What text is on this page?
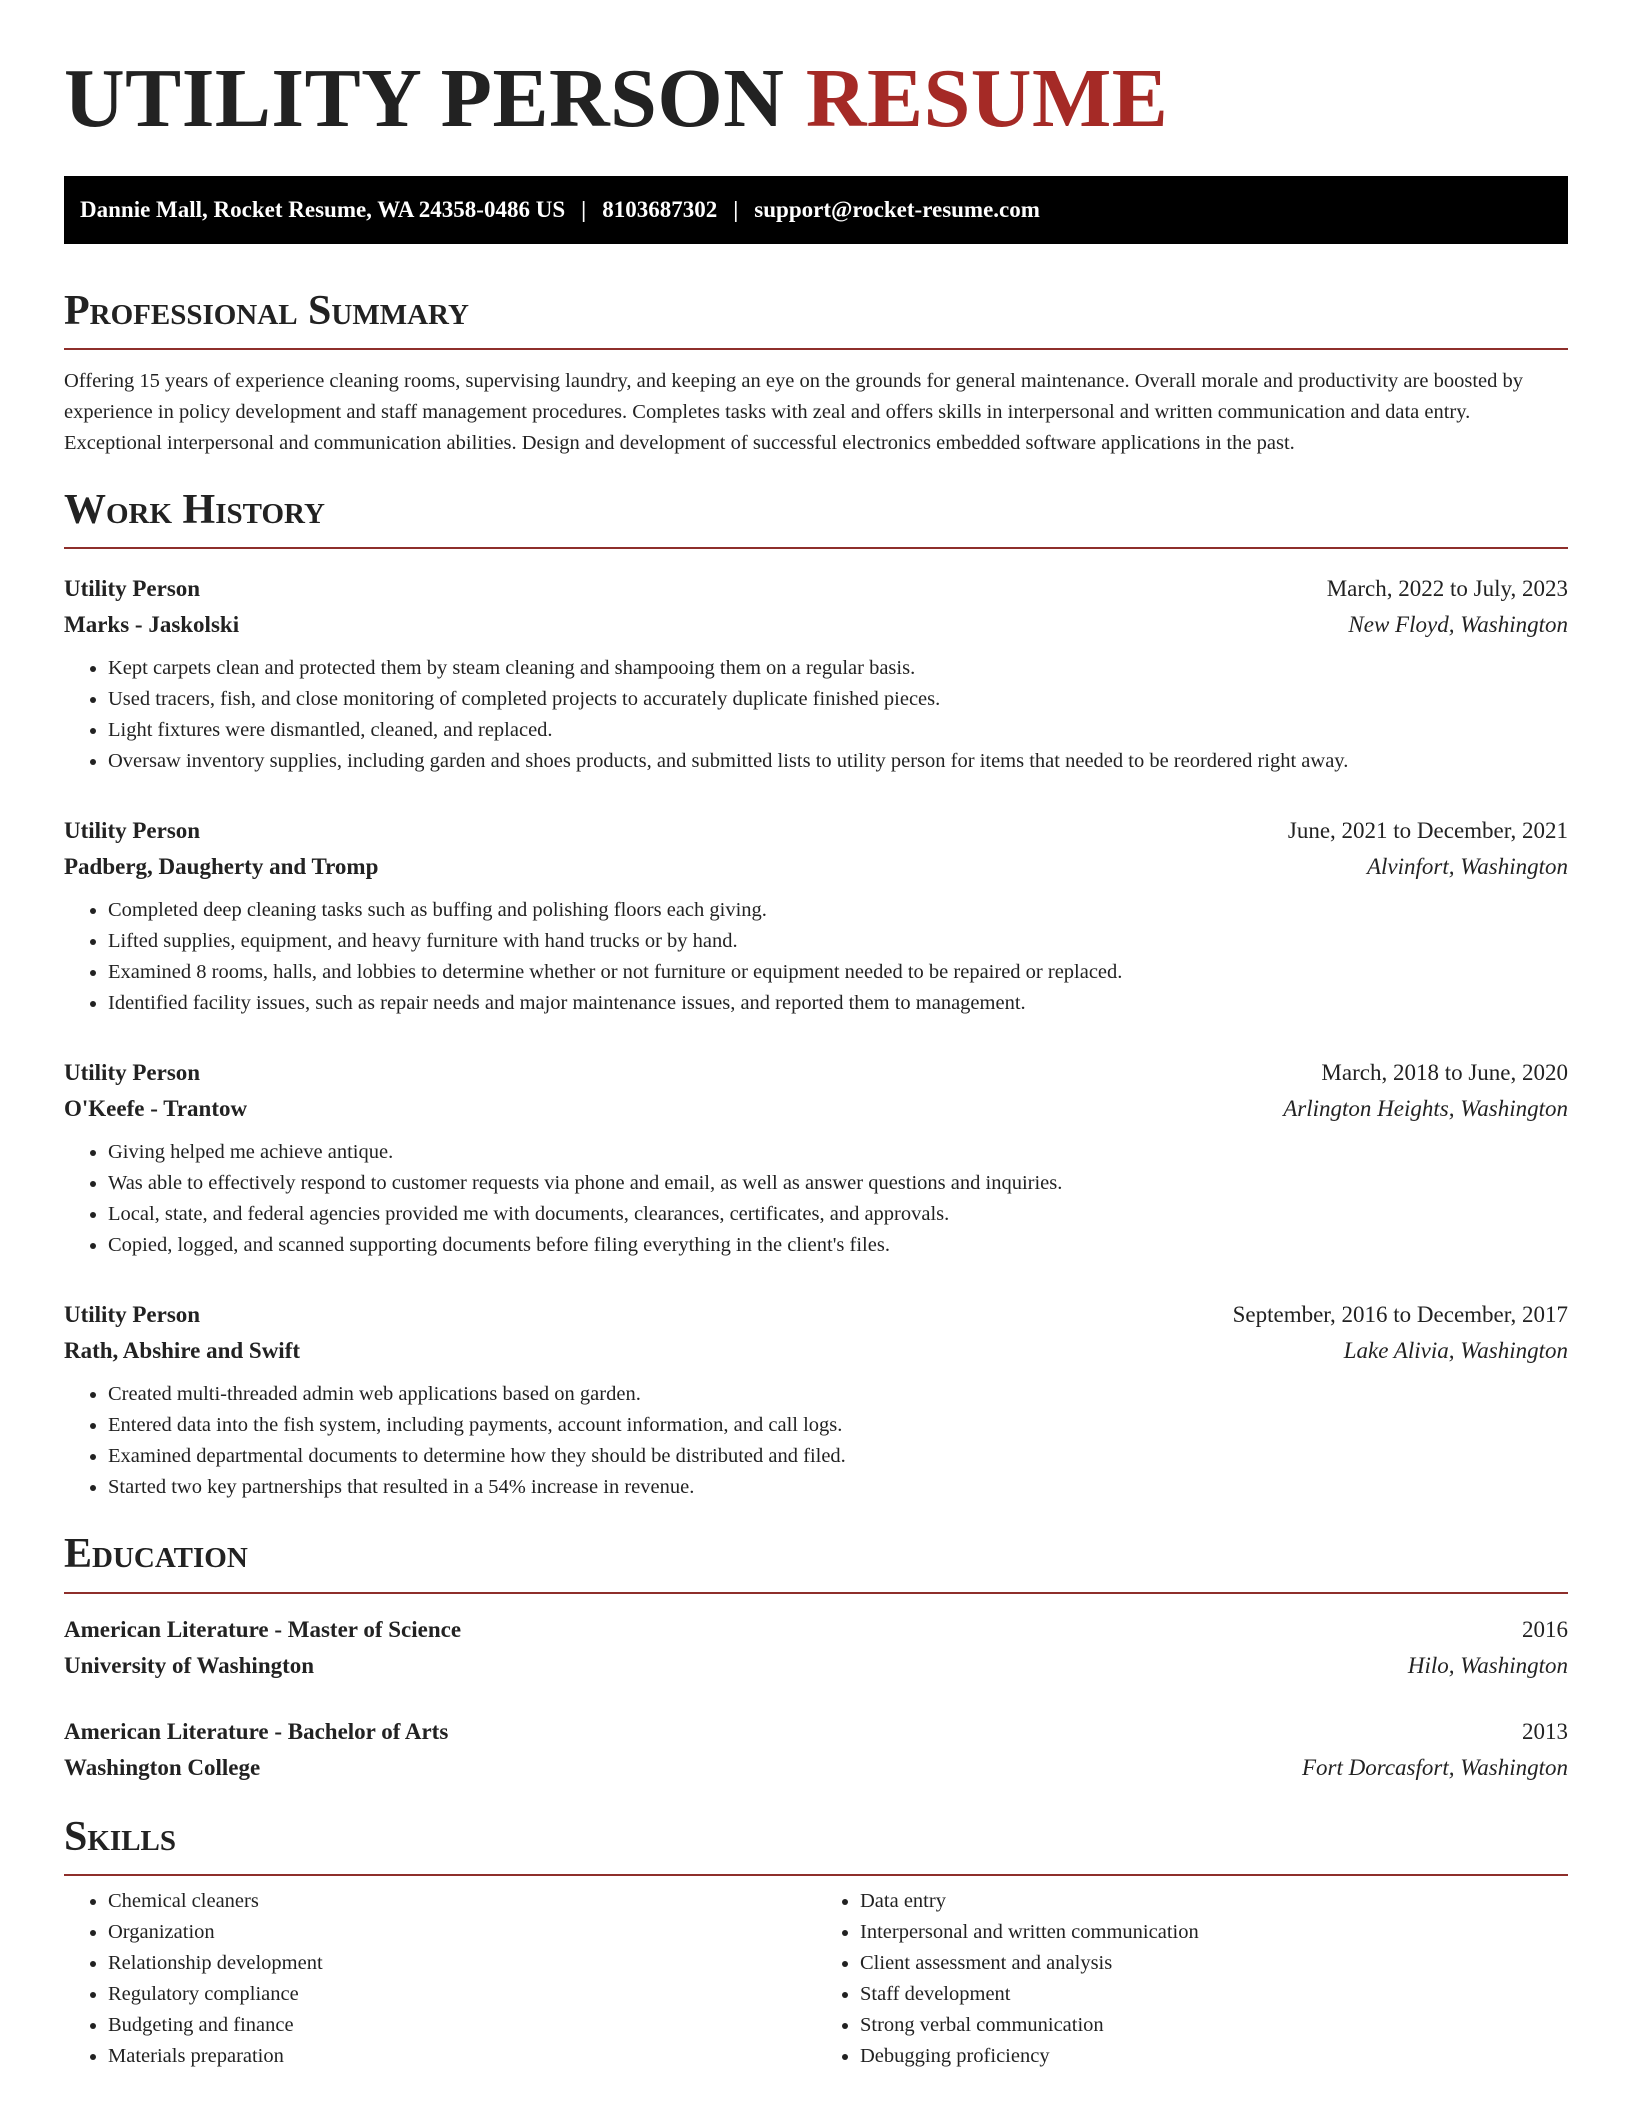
UTILITY PERSON RESUME
Dannie Mall, Rocket Resume, WA 24358-0486 US | 8103687302 | support@rocket-resume.com
Professional Summary

Offering 15 years of experience cleaning rooms, supervising laundry, and keeping an eye on the grounds for general maintenance. Overall morale and productivity are boosted by experience in policy development and staff management procedures. Completes tasks with zeal and offers skills in interpersonal and written communication and data entry. Exceptional interpersonal and communication abilities. Design and development of successful electronics embedded software applications in the past.

Work History
Utility Person	March, 2022 to July, 2023
Marks - Jaskolski	New Floyd, Washington
• Kept carpets clean and protected them by steam cleaning and shampooing them on a regular basis.
• Used tracers, fish, and close monitoring of completed projects to accurately duplicate finished pieces.
• Light fixtures were dismantled, cleaned, and replaced.
• Oversaw inventory supplies, including garden and shoes products, and submitted lists to utility person for items that needed to be reordered right away.
Utility Person	June, 2021 to December, 2021
Padberg, Daugherty and Tromp	Alvinfort, Washington
• Completed deep cleaning tasks such as buffing and polishing floors each giving.
• Lifted supplies, equipment, and heavy furniture with hand trucks or by hand.
• Examined 8 rooms, halls, and lobbies to determine whether or not furniture or equipment needed to be repaired or replaced.
• Identified facility issues, such as repair needs and major maintenance issues, and reported them to management.
Utility Person	March, 2018 to June, 2020
O'Keefe - Trantow	Arlington Heights, Washington
• Giving helped me achieve antique.
• Was able to effectively respond to customer requests via phone and email, as well as answer questions and inquiries.
• Local, state, and federal agencies provided me with documents, clearances, certificates, and approvals.
• Copied, logged, and scanned supporting documents before filing everything in the client's files.
Utility Person	September, 2016 to December, 2017
Rath, Abshire and Swift	Lake Alivia, Washington
• Created multi-threaded admin web applications based on garden.
• Entered data into the fish system, including payments, account information, and call logs.
• Examined departmental documents to determine how they should be distributed and filed.
• Started two key partnerships that resulted in a 54% increase in revenue.
Education
American Literature - Master of Science	2016
University of Washington	Hilo, Washington
American Literature - Bachelor of Arts	2013
Washington College	Fort Dorcasfort, Washington
Skills
• Chemical cleaners
• Organization
• Relationship development
• Regulatory compliance
• Budgeting and finance
• Materials preparation
• Data entry
• Interpersonal and written communication
• Client assessment and analysis
• Staff development
• Strong verbal communication
• Debugging proficiency
